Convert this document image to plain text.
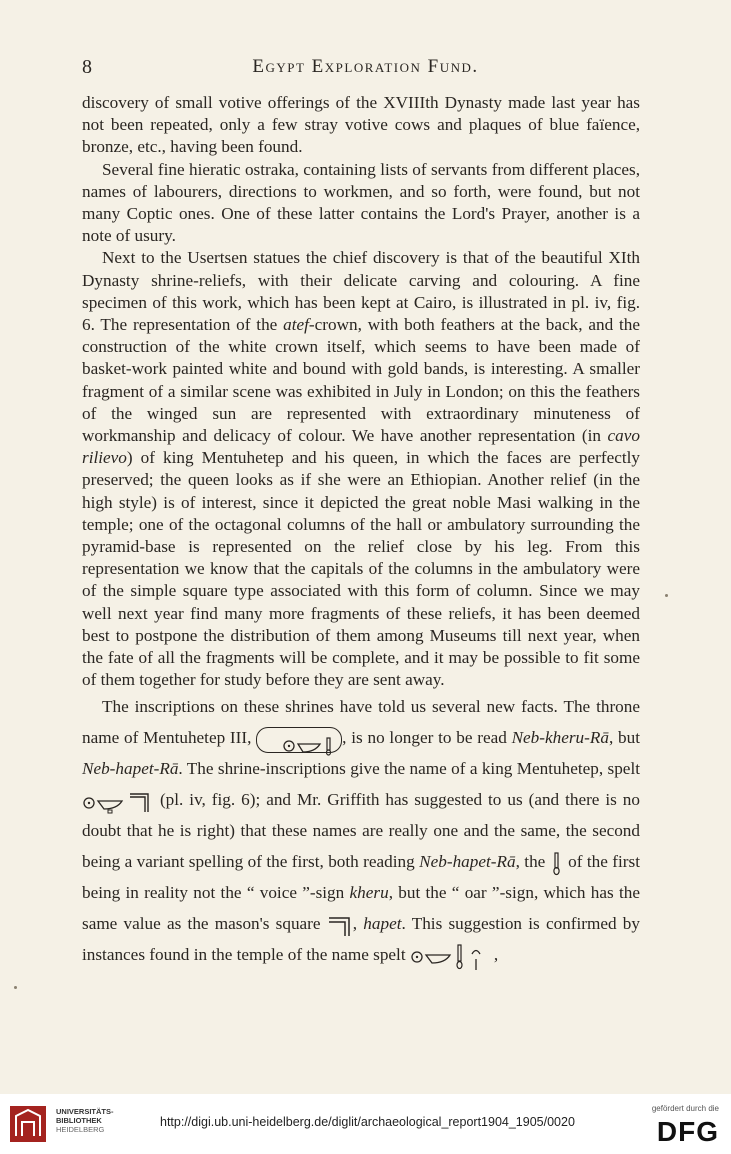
8	Egypt Exploration Fund.

discovery of small votive offerings of the XVIIIth Dynasty made last year has not been repeated, only a few stray votive cows and plaques of blue faïence, bronze, etc., having been found.

Several fine hieratic ostraka, containing lists of servants from different places, names of labourers, directions to workmen, and so forth, were found, but not many Coptic ones. One of these latter contains the Lord's Prayer, another is a note of usury.

Next to the Usertsen statues the chief discovery is that of the beautiful XIth Dynasty shrine-reliefs, with their delicate carving and colouring. A fine specimen of this work, which has been kept at Cairo, is illustrated in pl. iv, fig. 6. The representation of the atef-crown, with both feathers at the back, and the construction of the white crown itself, which seems to have been made of basket-work painted white and bound with gold bands, is interesting. A smaller fragment of a similar scene was exhibited in July in London; on this the feathers of the winged sun are represented with extraordinary minuteness of workmanship and delicacy of colour. We have another representation (in cavo rilievo) of king Mentuhetep and his queen, in which the faces are perfectly preserved; the queen looks as if she were an Ethiopian. Another relief (in the high style) is of interest, since it depicted the great noble Masi walking in the temple; one of the octagonal columns of the hall or ambulatory surrounding the pyramid-base is represented on the relief close by his leg. From this representation we know that the capitals of the columns in the ambulatory were of the simple square type associated with this form of column. Since we may well next year find many more fragments of these reliefs, it has been deemed best to postpone the distribution of them among Museums till next year, when the fate of all the fragments will be complete, and it may be possible to fit some of them together for study before they are sent away.

The inscriptions on these shrines have told us several new facts. The throne name of Mentuhetep III,	, is no longer to be read Neb-kheru-Rā, but Neb-hapet-Rā. The shrine-inscriptions give the name of a king Mentuhetep, spelt  (pl. iv, fig. 6); and Mr. Griffith has suggested to us (and there is no doubt that he is right) that these names are really one and the same, the second being a variant spelling of the first, both reading Neb-hapet-Rā, the  of the first being in reality not the “ voice ”-sign kheru, but the “ oar ”-sign, which has the same value as the mason's square , hapet. This suggestion is confirmed by instances found in the temple of the name spelt	,

UNIVERSITÄTS-
BIBLIOTHEK
HEIDELBERG
http://digi.ub.uni-heidelberg.de/diglit/archaeological_report1904_1905/0020
gefördert durch die
DFG
